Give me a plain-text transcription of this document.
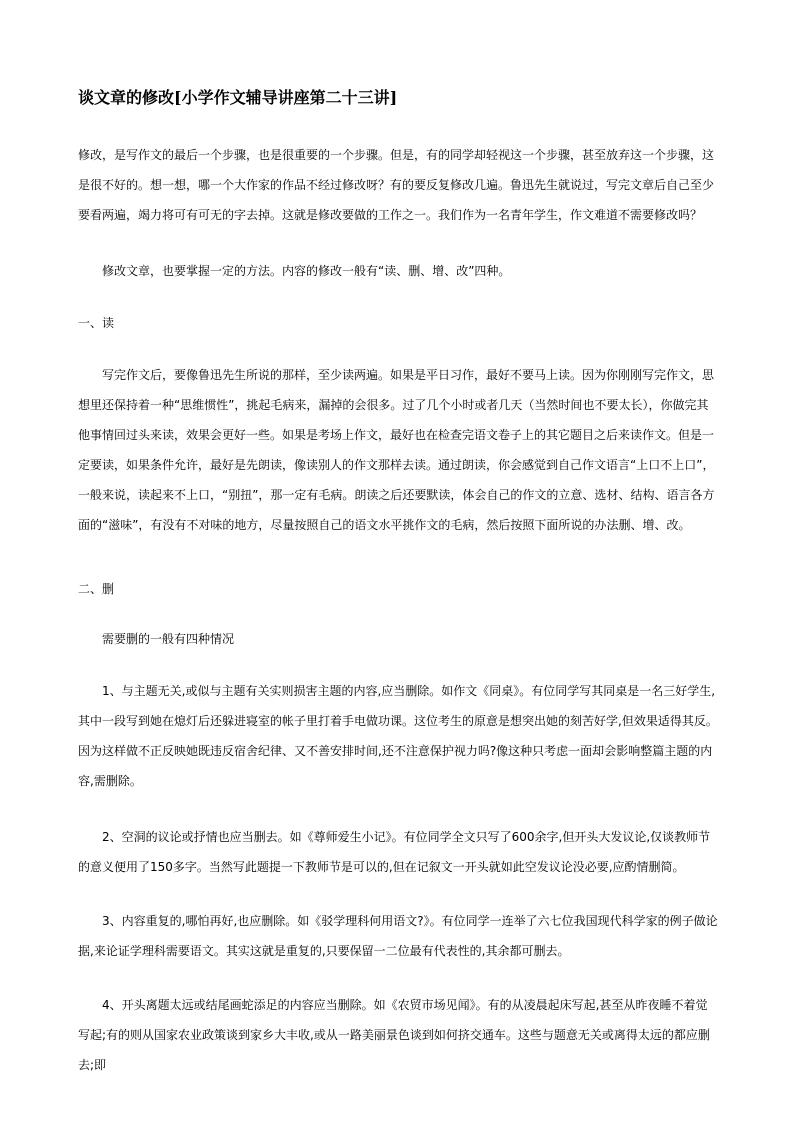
谈文章的修改[小学作文辅导讲座第二十三讲]

修改，是写作文的最后一个步骤，也是很重要的一个步骤。但是，有的同学却轻视这一个步骤，甚至放弃这一个步骤，这是很不好的。想一想，哪一个大作家的作品不经过修改呀？有的要反复修改几遍。鲁迅先生就说过，写完文章后自己至少要看两遍，竭力将可有可无的字去掉。这就是修改要做的工作之一。我们作为一名青年学生，作文难道不需要修改吗？

修改文章，也要掌握一定的方法。内容的修改一般有“读、删、增、改”四种。

一、读

写完作文后，要像鲁迅先生所说的那样，至少读两遍。如果是平日习作，最好不要马上读。因为你刚刚写完作文，思想里还保持着一种“思维惯性”，挑起毛病来，漏掉的会很多。过了几个小时或者几天（当然时间也不要太长），你做完其他事情回过头来读，效果会更好一些。如果是考场上作文，最好也在检查完语文卷子上的其它题目之后来读作文。但是一定要读，如果条件允许，最好是先朗读，像读别人的作文那样去读。通过朗读，你会感觉到自己作文语言“上口不上口”，一般来说，读起来不上口，“别扭”，那一定有毛病。朗读之后还要默读，体会自己的作文的立意、选材、结构、语言各方面的“滋味”，有没有不对味的地方，尽量按照自己的语文水平挑作文的毛病，然后按照下面所说的办法删、增、改。

二、删

需要删的一般有四种情况

1、与主题无关,或似与主题有关实则损害主题的内容,应当删除。如作文《同桌》。有位同学写其同桌是一名三好学生,其中一段写到她在熄灯后还躲进寝室的帐子里打着手电做功课。这位考生的原意是想突出她的刻苦好学,但效果适得其反。因为这样做不正反映她既违反宿舍纪律、又不善安排时间,还不注意保护视力吗?像这种只考虑一面却会影响整篇主题的内容,需删除。

2、空洞的议论或抒情也应当删去。如《尊师爱生小记》。有位同学全文只写了600余字,但开头大发议论,仅谈教师节的意义便用了150多字。当然写此题提一下教师节是可以的,但在记叙文一开头就如此空发议论没必要,应酌情删简。

3、内容重复的,哪怕再好,也应删除。如《驳学理科何用语文?》。有位同学一连举了六七位我国现代科学家的例子做论据,来论证学理科需要语文。其实这就是重复的,只要保留一二位最有代表性的,其余都可删去。

4、开头离题太远或结尾画蛇添足的内容应当删除。如《农贸市场见闻》。有的从凌晨起床写起,甚至从昨夜睡不着觉写起;有的则从国家农业政策谈到家乡大丰收,或从一路美丽景色谈到如何挤交通车。这些与题意无关或离得太远的都应删去;即
